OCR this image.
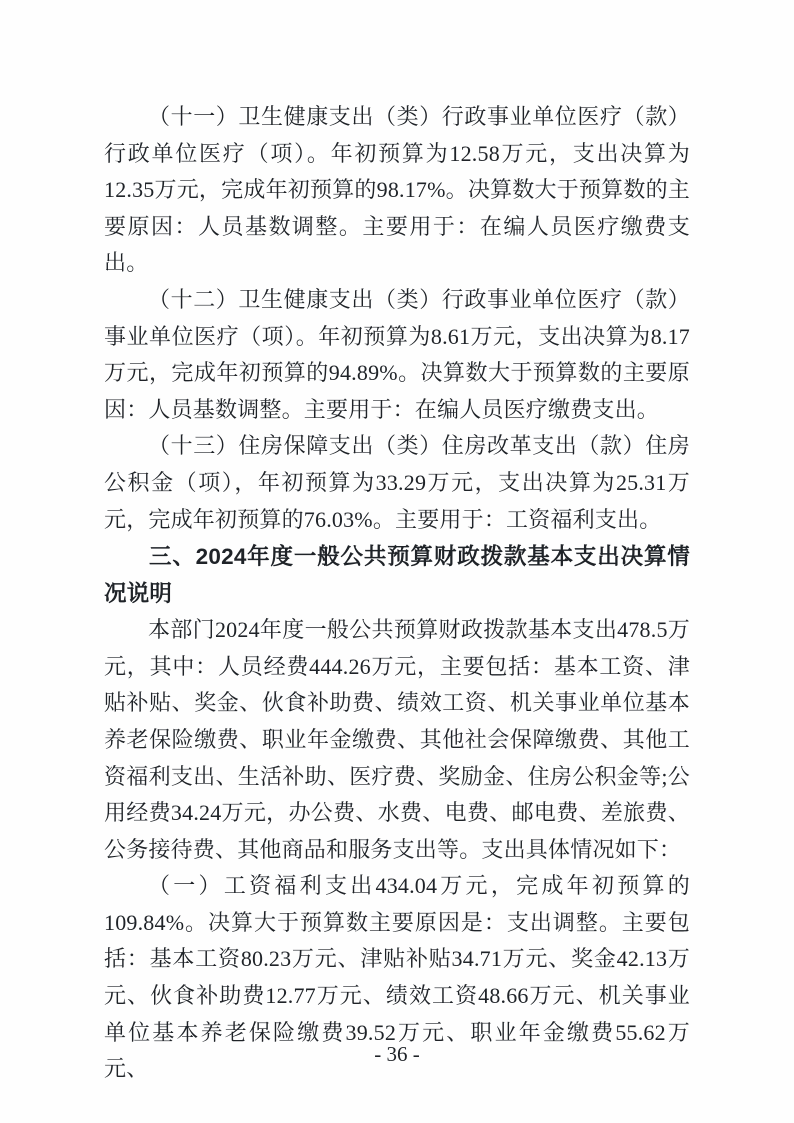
（十一）卫生健康支出（类）行政事业单位医疗（款）行政单位医疗（项）。年初预算为12.58万元，支出决算为12.35万元，完成年初预算的98.17%。决算数大于预算数的主要原因：人员基数调整。主要用于：在编人员医疗缴费支出。

（十二）卫生健康支出（类）行政事业单位医疗（款）事业单位医疗（项）。年初预算为8.61万元，支出决算为8.17万元，完成年初预算的94.89%。决算数大于预算数的主要原因：人员基数调整。主要用于：在编人员医疗缴费支出。

（十三）住房保障支出（类）住房改革支出（款）住房公积金（项），年初预算为33.29万元，支出决算为25.31万元，完成年初预算的76.03%。主要用于：工资福利支出。

三、2024年度一般公共预算财政拨款基本支出决算情况说明

本部门2024年度一般公共预算财政拨款基本支出478.5万元，其中：人员经费444.26万元，主要包括：基本工资、津贴补贴、奖金、伙食补助费、绩效工资、机关事业单位基本养老保险缴费、职业年金缴费、其他社会保障缴费、其他工资福利支出、生活补助、医疗费、奖励金、住房公积金等;公用经费34.24万元，办公费、水费、电费、邮电费、差旅费、公务接待费、其他商品和服务支出等。支出具体情况如下：

（一）工资福利支出434.04万元，完成年初预算的109.84%。决算大于预算数主要原因是：支出调整。主要包括：基本工资80.23万元、津贴补贴34.71万元、奖金42.13万元、伙食补助费12.77万元、绩效工资48.66万元、机关事业单位基本养老保险缴费39.52万元、职业年金缴费55.62万元、

- 36 -
